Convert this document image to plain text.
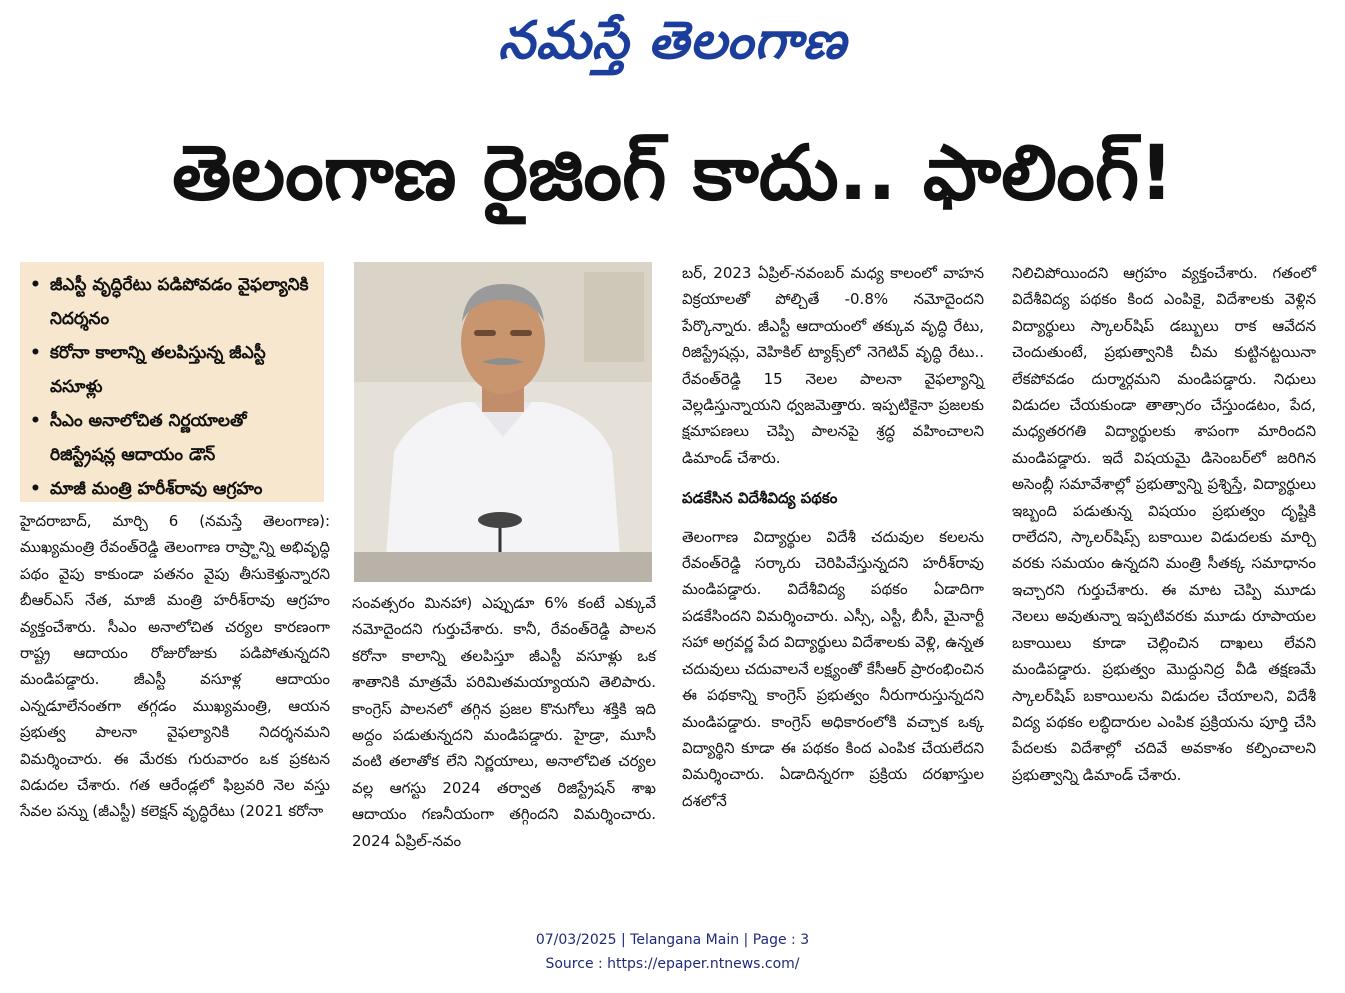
నమస్తే తెలంగాణ
తెలంగాణ రైజింగ్‌ కాదు.. ఫాలింగ్‌!
• జీఎస్టీ వృద్ధిరేటు పడిపోవడం వైఫల్యానికి నిదర్శనం
• కరోనా కాలాన్ని తలపిస్తున్న జీఎస్టీ వసూళ్లు
• సీఎం అనాలోచిత నిర్ణయాలతో రిజిస్ట్రేషన్ల ఆదాయం డౌన్‌
• మాజీ మంత్రి హరీశ్‌రావు ఆగ్రహం

హైదరాబాద్‌, మార్చి 6 (నమస్తే తెలంగాణ): ముఖ్యమంత్రి రేవంత్‌రెడ్డి తెలంగాణ రాష్ర్టాన్ని అభివృద్ధి పథం వైపు కాకుండా పతనం వైపు తీసుకెళ్తున్నారని బీఆర్‌ఎస్‌ నేత, మాజీ మంత్రి హరీశ్‌రావు ఆగ్రహం వ్యక్తంచేశారు. సీఎం అనాలోచిత చర్యల కారణంగా రాష్ట్ర ఆదాయం రోజురోజుకు పడిపోతున్నదని మండిపడ్డారు. జీఎస్టీ వసూళ్ల ఆదాయం ఎన్నడూలేనంతగా తగ్గడం ముఖ్యమంత్రి, ఆయన ప్రభుత్వ పాలనా వైఫల్యానికి నిదర్శనమని విమర్శించారు. ఈ మేరకు గురువారం ఒక ప్రకటన విడుదల చేశారు. గత ఆరేండ్లలో ఫిబ్రవరి నెల వస్తు సేవల పన్ను (జీఎస్టీ) కలెక్షన్‌ వృద్ధిరేటు (2021 కరోనా

సంవత్సరం మినహా) ఎప్పుడూ 6% కంటే ఎక్కువే నమోదైందని గుర్తుచేశారు. కానీ, రేవంత్‌రెడ్డి పాలన కరోనా కాలాన్ని తలపిస్తూ జీఎస్టీ వసూళ్లు ఒక శాతానికి మాత్రమే పరిమితమయ్యాయని తెలిపారు. కాంగ్రెస్‌ పాలనలో తగ్గిన ప్రజల కొనుగోలు శక్తికి ఇది అద్దం పడుతున్నదని మండిపడ్డారు. హైడ్రా, మూసీ వంటి తలాతోక లేని నిర్ణయాలు, అనాలోచిత చర్యల వల్ల ఆగస్టు 2024 తర్వాత రిజిస్ట్రేషన్‌ శాఖ ఆదాయం గణనీయంగా తగ్గిందని విమర్శించారు. 2024 ఏప్రిల్‌-నవం

బర్‌, 2023 ఏప్రిల్‌-నవంబర్‌ మధ్య కాలంలో వాహన విక్రయాలతో పోల్చితే -0.8% నమోదైందని పేర్కొన్నారు. జీఎస్టీ ఆదాయంలో తక్కువ వృద్ధి రేటు, రిజిస్ట్రేషన్లు, వెహికిల్‌ ట్యాక్స్‌లో నెగెటివ్‌ వృద్ధి రేటు.. రేవంత్‌రెడ్డి 15 నెలల పాలనా వైఫల్యాన్ని వెల్లడిస్తున్నాయని ధ్వజమెత్తారు. ఇప్పటికైనా ప్రజలకు క్షమాపణలు చెప్పి పాలనపై శ్రద్ధ వహించాలని డిమాండ్‌ చేశారు.

పడకేసిన విదేశీవిద్య పథకం

తెలంగాణ విద్యార్థుల విదేశీ చదువుల కలలను రేవంత్‌రెడ్డి సర్కారు చెరిపివేస్తున్నదని హరీశ్‌రావు మండిపడ్డారు. విదేశీవిద్య పథకం ఏడాదిగా పడకేసిందని విమర్శించారు. ఎస్సీ, ఎస్టీ, బీసీ, మైనార్టీ సహా అగ్రవర్ణ పేద విద్యార్థులు విదేశాలకు వెళ్లి, ఉన్నత చదువులు చదువాలనే లక్ష్యంతో కేసీఆర్‌ ప్రారంభించిన ఈ పథకాన్ని కాంగ్రెస్‌ ప్రభుత్వం నీరుగారుస్తున్నదని మండిపడ్డారు. కాంగ్రెస్‌ అధికారంలోకి వచ్చాక ఒక్క విద్యార్థిని కూడా ఈ పథకం కింద ఎంపిక చేయలేదని విమర్శించారు. ఏడాదిన్నరగా ప్రక్రియ దరఖాస్తుల దశలోనే

నిలిచిపోయిందని ఆగ్రహం వ్యక్తంచేశారు. గతంలో విదేశీవిద్య పథకం కింద ఎంపికై, విదేశాలకు వెళ్లిన విద్యార్థులు స్కాలర్‌షిప్‌ డబ్బులు రాక ఆవేదన చెందుతుంటే, ప్రభుత్వానికి చీమ కుట్టినట్టయినా లేకపోవడం దుర్మార్గమని మండిపడ్డారు. నిధులు విడుదల చేయకుండా తాత్సారం చేస్తుండటం, పేద, మధ్యతరగతి విద్యార్థులకు శాపంగా మారిందని మండిపడ్డారు. ఇదే విషయమై డిసెంబర్‌లో జరిగిన అసెంబ్లీ సమావేశాల్లో ప్రభుత్వాన్ని ప్రశ్నిస్తే, విద్యార్థులు ఇబ్బంది పడుతున్న విషయం ప్రభుత్వం దృష్టికి రాలేదని, స్కాలర్‌షిప్స్‌ బకాయిల విడుదలకు మార్చి వరకు సమయం ఉన్నదని మంత్రి సీతక్క సమాధానం ఇచ్చారని గుర్తుచేశారు. ఈ మాట చెప్పి మూడు నెలలు అవుతున్నా ఇప్పటివరకు మూడు రూపాయల బకాయిలు కూడా చెల్లించిన దాఖలు లేవని మండిపడ్డారు. ప్రభుత్వం మొద్దునిద్ర వీడి తక్షణమే స్కాలర్‌షిప్‌ బకాయిలను విడుదల చేయాలని, విదేశీ విద్య పథకం లబ్ధిదారుల ఎంపిక ప్రక్రియను పూర్తి చేసి పేదలకు విదేశాల్లో చదివే అవకాశం కల్పించాలని ప్రభుత్వాన్ని డిమాండ్‌ చేశారు.

07/03/2025 | Telangana Main | Page : 3
Source : https://epaper.ntnews.com/
